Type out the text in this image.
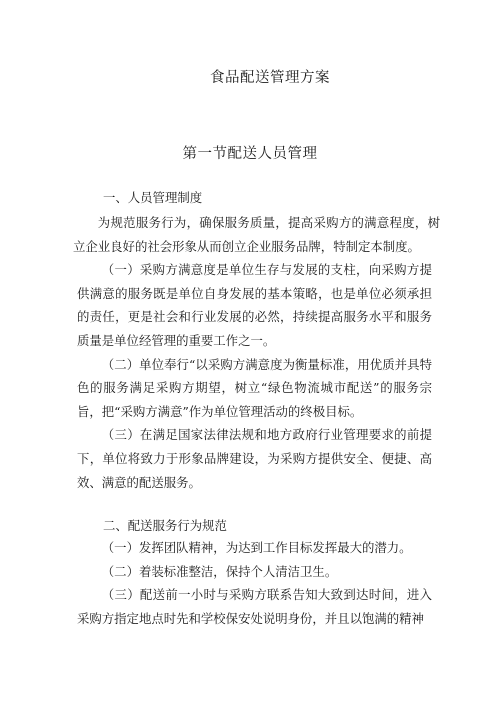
食品配送管理方案
第一节配送人员管理
一、人员管理制度

为规范服务行为，确保服务质量，提高采购方的满意程度，树立企业良好的社会形象从而创立企业服务品牌，特制定本制度。

（一）采购方满意度是单位生存与发展的支柱，向采购方提供满意的服务既是单位自身发展的基本策略，也是单位必须承担的责任，更是社会和行业发展的必然，持续提高服务水平和服务质量是单位经管理的重要工作之一。

（二）单位奉行“以采购方满意度为衡量标准，用优质并具特色的服务满足采购方期望，树立“绿色物流城市配送”的服务宗旨，把“采购方满意”作为单位管理活动的终极目标。

（三）在满足国家法律法规和地方政府行业管理要求的前提下，单位将致力于形象品牌建设，为采购方提供安全、便捷、高效、满意的配送服务。

二、配送服务行为规范

（一）发挥团队精神，为达到工作目标发挥最大的潜力。

（二）着装标准整洁，保持个人清洁卫生。

（三）配送前一小时与采购方联系告知大致到达时间，进入采购方指定地点时先和学校保安处说明身份，并且以饱满的精神
